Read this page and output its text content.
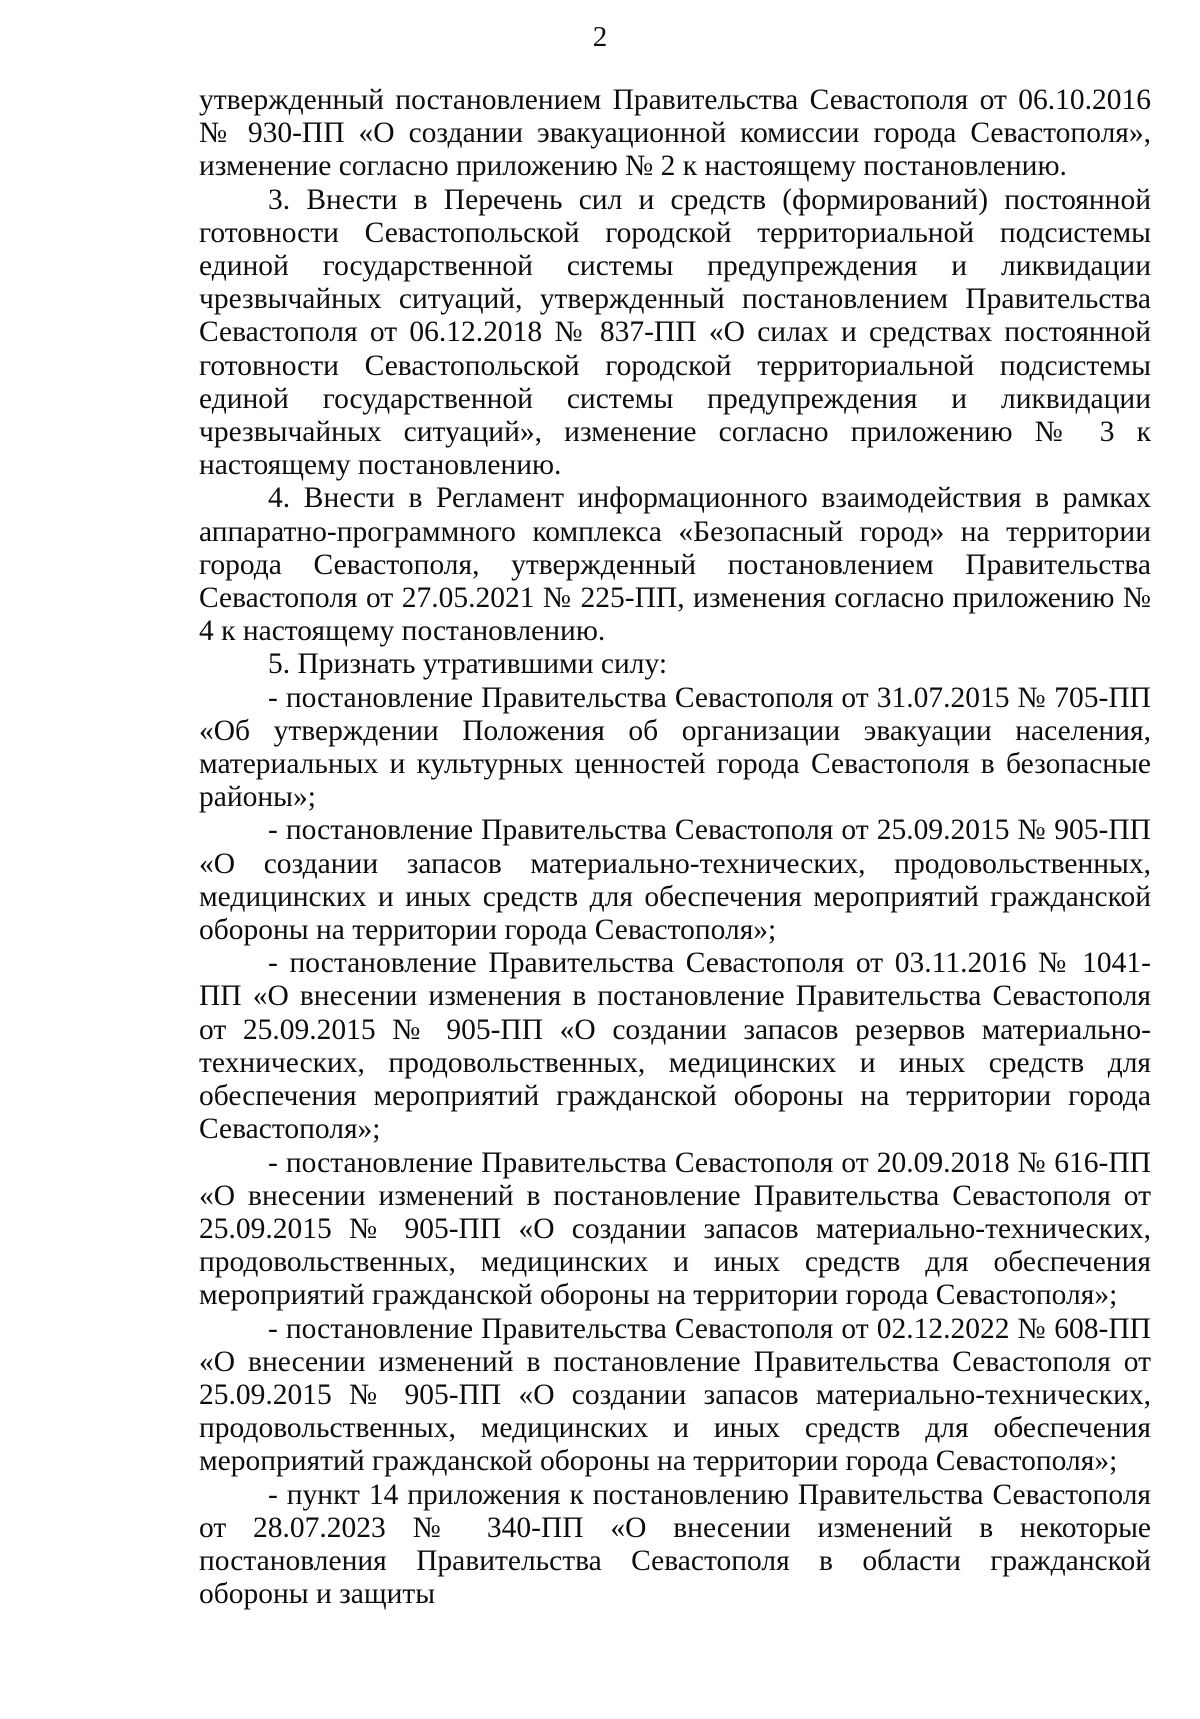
2

утвержденный постановлением Правительства Севастополя от 06.10.2016 № 930-ПП «О создании эвакуационной комиссии города Севастополя», изменение согласно приложению № 2 к настоящему постановлению.

3. Внести в Перечень сил и средств (формирований) постоянной готовности Севастопольской городской территориальной подсистемы единой государственной системы предупреждения и ликвидации чрезвычайных ситуаций, утвержденный постановлением Правительства Севастополя от 06.12.2018 № 837-ПП «О силах и средствах постоянной готовности Севастопольской городской территориальной подсистемы единой государственной системы предупреждения и ликвидации чрезвычайных ситуаций», изменение согласно приложению № 3 к настоящему постановлению.

4. Внести в Регламент информационного взаимодействия в рамках аппаратно-программного комплекса «Безопасный город» на территории города Севастополя, утвержденный постановлением Правительства Севастополя от 27.05.2021 № 225-ПП, изменения согласно приложению № 4 к настоящему постановлению.

5. Признать утратившими силу:

- постановление Правительства Севастополя от 31.07.2015 № 705-ПП «Об утверждении Положения об организации эвакуации населения, материальных и культурных ценностей города Севастополя в безопасные районы»;

- постановление Правительства Севастополя от 25.09.2015 № 905-ПП «О создании запасов материально-технических, продовольственных, медицинских и иных средств для обеспечения мероприятий гражданской обороны на территории города Севастополя»;

- постановление Правительства Севастополя от 03.11.2016 № 1041-ПП «О внесении изменения в постановление Правительства Севастополя от 25.09.2015 № 905-ПП «О создании запасов резервов материально-технических, продовольственных, медицинских и иных средств для обеспечения мероприятий гражданской обороны на территории города Севастополя»;

- постановление Правительства Севастополя от 20.09.2018 № 616-ПП «О внесении изменений в постановление Правительства Севастополя от 25.09.2015 № 905-ПП «О создании запасов материально-технических, продовольственных, медицинских и иных средств для обеспечения мероприятий гражданской обороны на территории города Севастополя»;

- постановление Правительства Севастополя от 02.12.2022 № 608-ПП «О внесении изменений в постановление Правительства Севастополя от 25.09.2015 № 905-ПП «О создании запасов материально-технических, продовольственных, медицинских и иных средств для обеспечения мероприятий гражданской обороны на территории города Севастополя»;

- пункт 14 приложения к постановлению Правительства Севастополя от 28.07.2023 № 340-ПП «О внесении изменений в некоторые постановления Правительства Севастополя в области гражданской обороны и защиты
